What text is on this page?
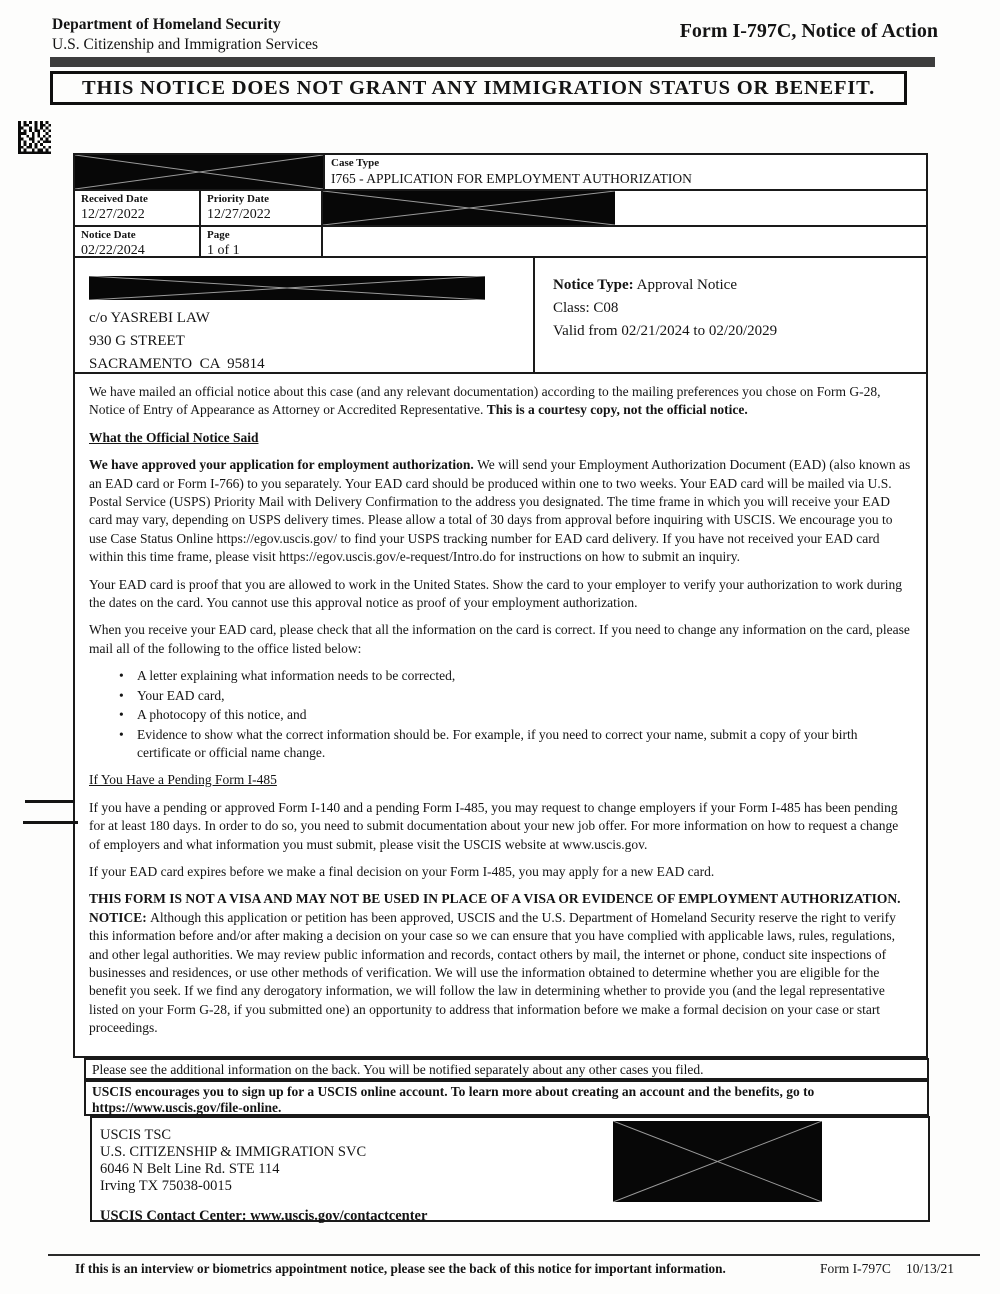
Department of Homeland Security
U.S. Citizenship and Immigration Services
Form I-797C, Notice of Action
THIS NOTICE DOES NOT GRANT ANY IMMIGRATION STATUS OR BENEFIT.
Case Type
I765 - APPLICATION FOR EMPLOYMENT AUTHORIZATION
Received Date
12/27/2022
Priority Date
12/27/2022
Notice Date
02/22/2024
Page
1 of 1
c/o YASREBI LAW
930 G STREET
SACRAMENTO  CA  95814
Notice Type: Approval Notice
Class: C08
Valid from 02/21/2024 to 02/20/2029

We have mailed an official notice about this case (and any relevant documentation) according to the mailing preferences you chose on Form G-28, Notice of Entry of Appearance as Attorney or Accredited Representative. This is a courtesy copy, not the official notice.

What the Official Notice Said

We have approved your application for employment authorization. We will send your Employment Authorization Document (EAD) (also known as an EAD card or Form I-766) to you separately. Your EAD card should be produced within one to two weeks. Your EAD card will be mailed via U.S. Postal Service (USPS) Priority Mail with Delivery Confirmation to the address you designated. The time frame in which you will receive your EAD card may vary, depending on USPS delivery times. Please allow a total of 30 days from approval before inquiring with USCIS. We encourage you to use Case Status Online https://egov.uscis.gov/ to find your USPS tracking number for EAD card delivery. If you have not received your EAD card within this time frame, please visit https://egov.uscis.gov/e-request/Intro.do for instructions on how to submit an inquiry.

Your EAD card is proof that you are allowed to work in the United States. Show the card to your employer to verify your authorization to work during the dates on the card. You cannot use this approval notice as proof of your employment authorization.

When you receive your EAD card, please check that all the information on the card is correct. If you need to change any information on the card, please mail all of the following to the office listed below:

• A letter explaining what information needs to be corrected,
• Your EAD card,
• A photocopy of this notice, and
• Evidence to show what the correct information should be. For example, if you need to correct your name, submit a copy of your birth certificate or official name change.
If You Have a Pending Form I-485

If you have a pending or approved Form I-140 and a pending Form I-485, you may request to change employers if your Form I-485 has been pending for at least 180 days. In order to do so, you need to submit documentation about your new job offer. For more information on how to request a change of employers and what information you must submit, please visit the USCIS website at www.uscis.gov.

If your EAD card expires before we make a final decision on your Form I-485, you may apply for a new EAD card.

THIS FORM IS NOT A VISA AND MAY NOT BE USED IN PLACE OF A VISA OR EVIDENCE OF EMPLOYMENT AUTHORIZATION. NOTICE: Although this application or petition has been approved, USCIS and the U.S. Department of Homeland Security reserve the right to verify this information before and/or after making a decision on your case so we can ensure that you have complied with applicable laws, rules, regulations, and other legal authorities. We may review public information and records, contact others by mail, the internet or phone, conduct site inspections of businesses and residences, or use other methods of verification. We will use the information obtained to determine whether you are eligible for the benefit you seek. If we find any derogatory information, we will follow the law in determining whether to provide you (and the legal representative listed on your Form G-28, if you submitted one) an opportunity to address that information before we make a formal decision on your case or start proceedings.

Please see the additional information on the back. You will be notified separately about any other cases you filed.
USCIS encourages you to sign up for a USCIS online account. To learn more about creating an account and the benefits, go to https://www.uscis.gov/file-online.
USCIS TSC
U.S. CITIZENSHIP & IMMIGRATION SVC
6046 N Belt Line Rd. STE 114
Irving TX 75038-0015
USCIS Contact Center: www.uscis.gov/contactcenter
If this is an interview or biometrics appointment notice, please see the back of this notice for important information.	Form I-797C 10/13/21
